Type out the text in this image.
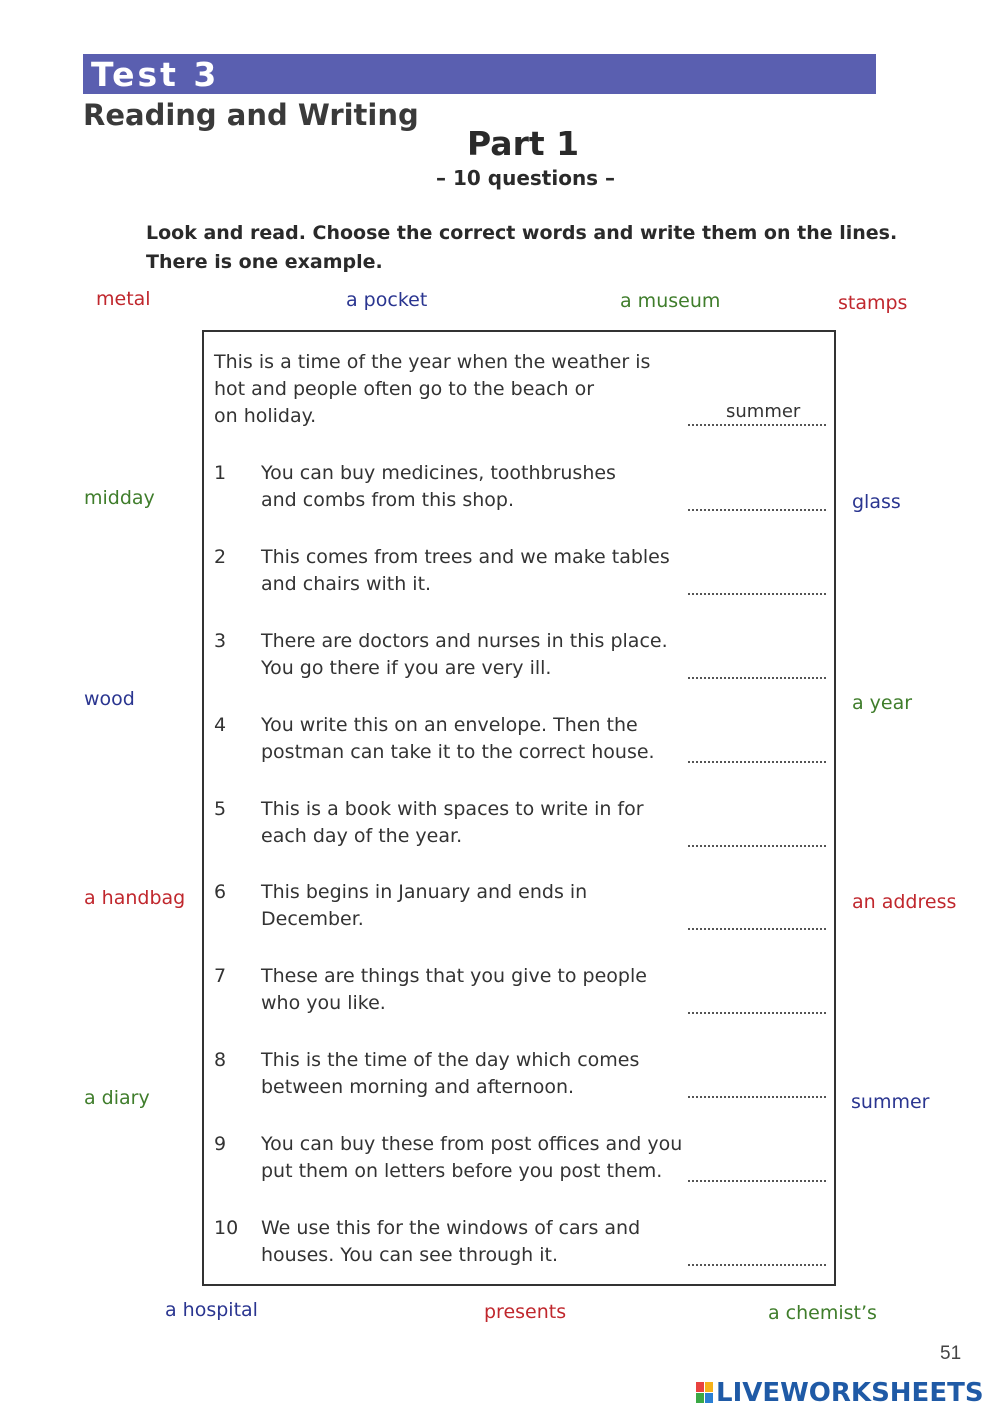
Test 3
Reading and Writing
Part 1
– 10 questions –
Look and read. Choose the correct words and write them on the lines.
There is one example.
metal	a pocket	a museum	stamps
midday
wood
a handbag
a diary
glass
a year
an address
summer
a hospital	presents	a chemist’s
This is a time of the year when the weather is
hot and people often go to the beach or
on holiday.	summer
1 You can buy medicines, toothbrushes
and combs from this shop.
2 This comes from trees and we make tables
and chairs with it.
3 There are doctors and nurses in this place.
You go there if you are very ill.
4 You write this on an envelope. Then the
postman can take it to the correct house.
5 This is a book with spaces to write in for
each day of the year.
6 This begins in January and ends in
December.
7 These are things that you give to people
who you like.
8 This is the time of the day which comes
between morning and afternoon.
9 You can buy these from post offices and you
put them on letters before you post them.
10 We use this for the windows of cars and
houses. You can see through it.
51
LIVEWORKSHEETS
